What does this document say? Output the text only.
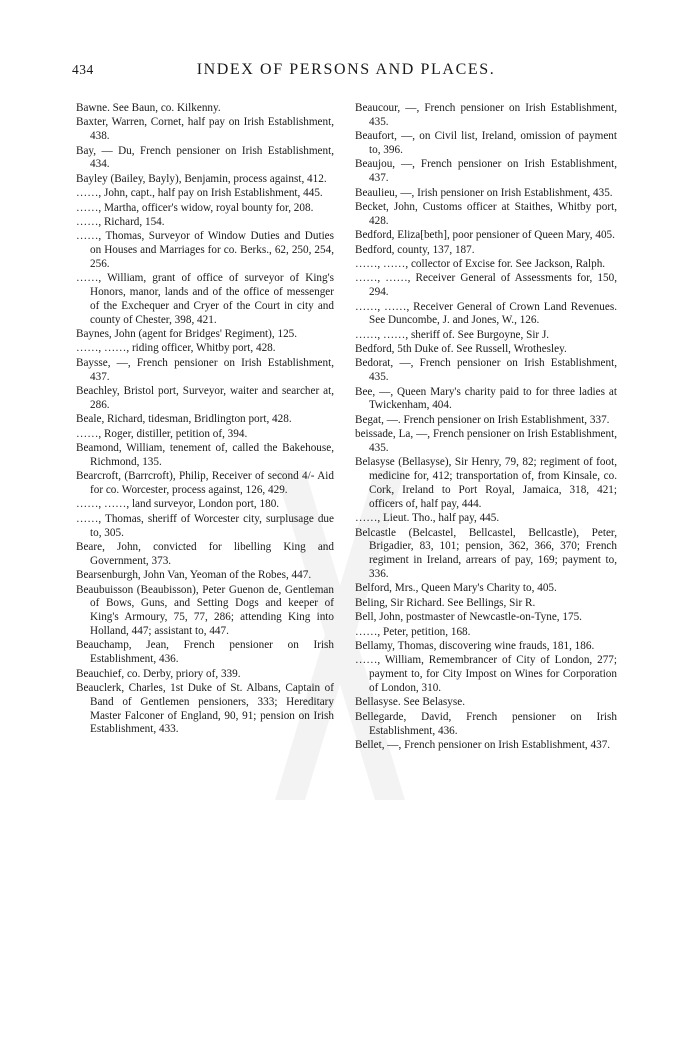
434	INDEX OF PERSONS AND PLACES.

Bawne. See Baun, co. Kilkenny.

Baxter, Warren, Cornet, half pay on Irish Establishment, 438.

Bay, — Du, French pensioner on Irish Establishment, 434.

Bayley (Bailey, Bayly), Benjamin, process against, 412.

……, John, capt., half pay on Irish Establishment, 445.

……, Martha, officer's widow, royal bounty for, 208.

……, Richard, 154.

……, Thomas, Surveyor of Window Duties and Duties on Houses and Marriages for co. Berks., 62, 250, 254, 256.

……, William, grant of office of surveyor of King's Honors, manor, lands and of the office of messenger of the Exchequer and Cryer of the Court in city and county of Chester, 398, 421.

Baynes, John (agent for Bridges' Regiment), 125.

……, ……, riding officer, Whitby port, 428.

Baysse, —, French pensioner on Irish Establishment, 437.

Beachley, Bristol port, Surveyor, waiter and searcher at, 286.

Beale, Richard, tidesman, Bridlington port, 428.

……, Roger, distiller, petition of, 394.

Beamond, William, tenement of, called the Bakehouse, Richmond, 135.

Bearcroft, (Barrcroft), Philip, Receiver of second 4/- Aid for co. Worcester, process against, 126, 429.

……, ……, land surveyor, London port, 180.

……, Thomas, sheriff of Worcester city, surplusage due to, 305.

Beare, John, convicted for libelling King and Government, 373.

Bearsenburgh, John Van, Yeoman of the Robes, 447.

Beaubuisson (Beaubisson), Peter Guenon de, Gentleman of Bows, Guns, and Setting Dogs and keeper of King's Armoury, 75, 77, 286; attending King into Holland, 447; assistant to, 447.

Beauchamp, Jean, French pensioner on Irish Establishment, 436.

Beauchief, co. Derby, priory of, 339.

Beauclerk, Charles, 1st Duke of St. Albans, Captain of Band of Gentlemen pensioners, 333; Hereditary Master Falconer of England, 90, 91; pension on Irish Establishment, 433.

Beaucour, —, French pensioner on Irish Establishment, 435.

Beaufort, —, on Civil list, Ireland, omission of payment to, 396.

Beaujou, —, French pensioner on Irish Establishment, 437.

Beaulieu, —, Irish pensioner on Irish Establishment, 435.

Becket, John, Customs officer at Staithes, Whitby port, 428.

Bedford, Eliza[beth], poor pensioner of Queen Mary, 405.

Bedford, county, 137, 187.

……, ……, collector of Excise for. See Jackson, Ralph.

……, ……, Receiver General of Assessments for, 150, 294.

……, ……, Receiver General of Crown Land Revenues. See Duncombe, J. and Jones, W., 126.

……, ……, sheriff of. See Burgoyne, Sir J.

Bedford, 5th Duke of. See Russell, Wrothesley.

Bedorat, —, French pensioner on Irish Establishment, 435.

Bee, —, Queen Mary's charity paid to for three ladies at Twickenham, 404.

Begat, —. French pensioner on Irish Establishment, 337.

beissade, La, —, French pensioner on Irish Establishment, 435.

Belasyse (Bellasyse), Sir Henry, 79, 82; regiment of foot, medicine for, 412; transportation of, from Kinsale, co. Cork, Ireland to Port Royal, Jamaica, 318, 421; officers of, half pay, 444.

……, Lieut. Tho., half pay, 445.

Belcastle (Belcastel, Bellcastel, Bellcastle), Peter, Brigadier, 83, 101; pension, 362, 366, 370; French regiment in Ireland, arrears of pay, 169; payment to, 336.

Belford, Mrs., Queen Mary's Charity to, 405.

Beling, Sir Richard. See Bellings, Sir R.

Bell, John, postmaster of Newcastle-on-Tyne, 175.

……, Peter, petition, 168.

Bellamy, Thomas, discovering wine frauds, 181, 186.

……, William, Remembrancer of City of London, 277; payment to, for City Impost on Wines for Corporation of London, 310.

Bellasyse. See Belasyse.

Bellegarde, David, French pensioner on Irish Establishment, 436.

Bellet, —, French pensioner on Irish Establishment, 437.
